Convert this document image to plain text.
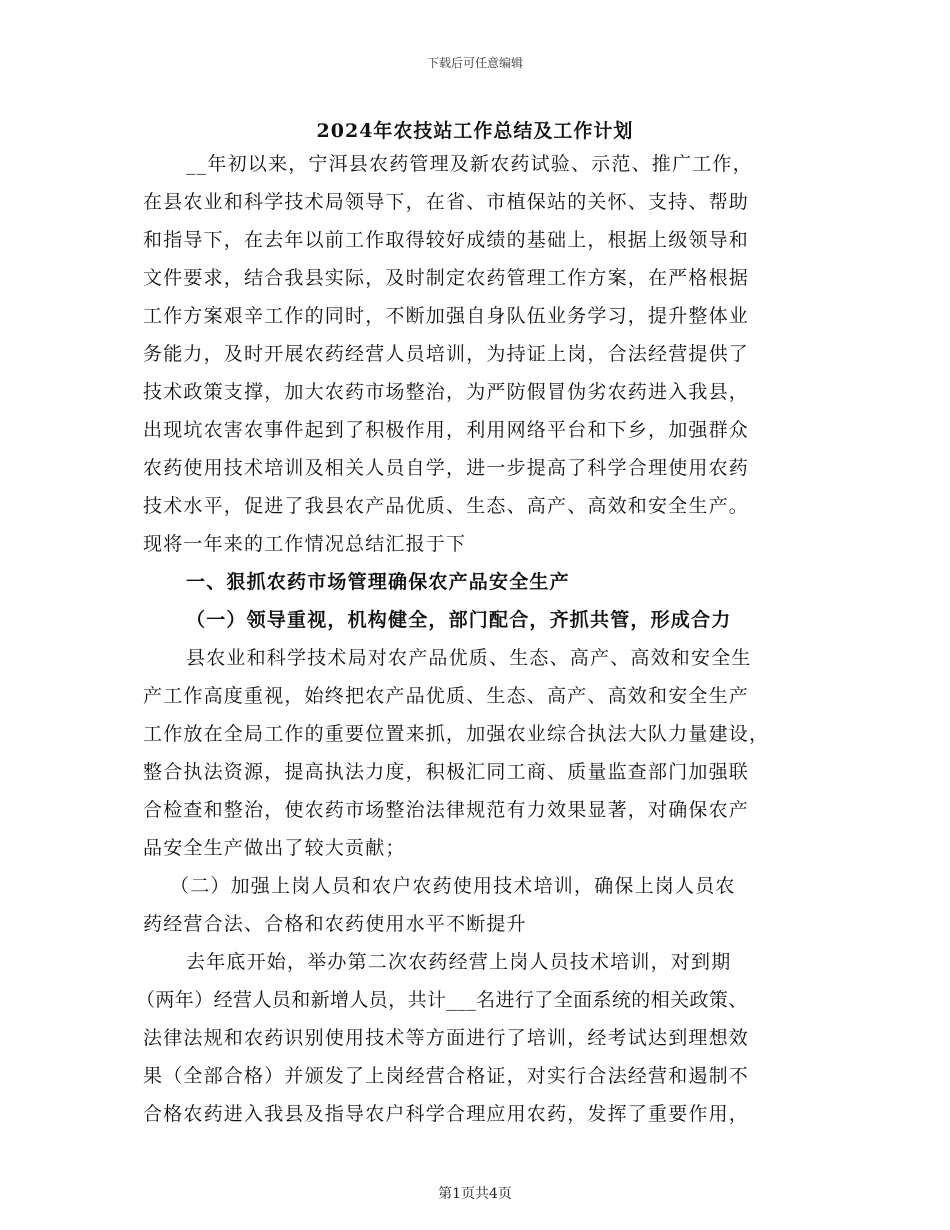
下载后可任意编辑
2024年农技站工作总结及工作计划
__年初以来，宁洱县农药管理及新农药试验、示范、推广工作，
在县农业和科学技术局领导下，在省、市植保站的关怀、支持、帮助
和指导下，在去年以前工作取得较好成绩的基础上，根据上级领导和
文件要求，结合我县实际，及时制定农药管理工作方案，在严格根据
工作方案艰辛工作的同时，不断加强自身队伍业务学习，提升整体业
务能力，及时开展农药经营人员培训，为持证上岗，合法经营提供了
技术政策支撑，加大农药市场整治，为严防假冒伪劣农药进入我县，
出现坑农害农事件起到了积极作用，利用网络平台和下乡，加强群众
农药使用技术培训及相关人员自学，进一步提高了科学合理使用农药
技术水平，促进了我县农产品优质、生态、高产、高效和安全生产。
现将一年来的工作情况总结汇报于下
一、狠抓农药市场管理确保农产品安全生产
（一）领导重视，机构健全，部门配合，齐抓共管，形成合力
县农业和科学技术局对农产品优质、生态、高产、高效和安全生
产工作高度重视，始终把农产品优质、生态、高产、高效和安全生产
工作放在全局工作的重要位置来抓，加强农业综合执法大队力量建设，
整合执法资源，提高执法力度，积极汇同工商、质量监查部门加强联
合检查和整治，使农药市场整治法律规范有力效果显著，对确保农产
品安全生产做出了较大贡献；
（二）加强上岗人员和农户农药使用技术培训，确保上岗人员农
药经营合法、合格和农药使用水平不断提升
去年底开始，举办第二次农药经营上岗人员技术培训，对到期
（两年）经营人员和新增人员，共计___名进行了全面系统的相关政策、
法律法规和农药识别使用技术等方面进行了培训，经考试达到理想效
果（全部合格）并颁发了上岗经营合格证，对实行合法经营和遏制不
合格农药进入我县及指导农户科学合理应用农药，发挥了重要作用，
第1页共4页
